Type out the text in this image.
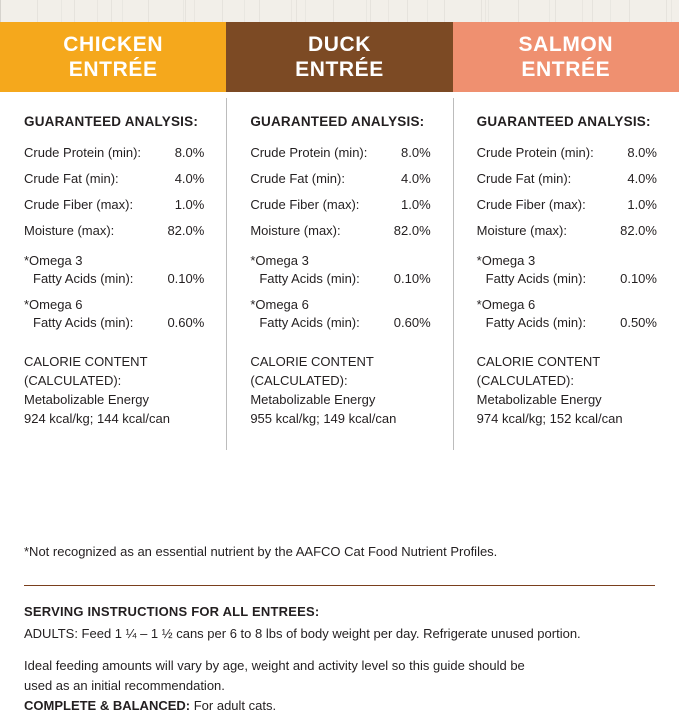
CHICKEN
ENTRÉE
DUCK
ENTRÉE
SALMON
ENTRÉE
GUARANTEED ANALYSIS:
Crude Protein (min):	8.0%
Crude Fat (min):	4.0%
Crude Fiber (max):	1.0%
Moisture (max):	82.0%
*Omega 3
Fatty Acids (min):	0.10%
*Omega 6
Fatty Acids (min):	0.60%
CALORIE CONTENT
(CALCULATED):
Metabolizable Energy
924 kcal/kg; 144 kcal/can
GUARANTEED ANALYSIS:
Crude Protein (min):	8.0%
Crude Fat (min):	4.0%
Crude Fiber (max):	1.0%
Moisture (max):	82.0%
*Omega 3
Fatty Acids (min):	0.10%
*Omega 6
Fatty Acids (min):	0.60%
CALORIE CONTENT
(CALCULATED):
Metabolizable Energy
955 kcal/kg; 149 kcal/can
GUARANTEED ANALYSIS:
Crude Protein (min):	8.0%
Crude Fat (min):	4.0%
Crude Fiber (max):	1.0%
Moisture (max):	82.0%
*Omega 3
Fatty Acids (min):	0.10%
*Omega 6
Fatty Acids (min):	0.50%
CALORIE CONTENT
(CALCULATED):
Metabolizable Energy
974 kcal/kg; 152 kcal/can
*Not recognized as an essential nutrient by the AAFCO Cat Food Nutrient Profiles.
SERVING INSTRUCTIONS FOR ALL ENTREES:

ADULTS: Feed 1 ¼ – 1 ½ cans per 6 to 8 lbs of body weight per day. Refrigerate unused portion.

Ideal feeding amounts will vary by age, weight and activity level so this guide should be

used as an initial recommendation.

COMPLETE & BALANCED: For adult cats.
